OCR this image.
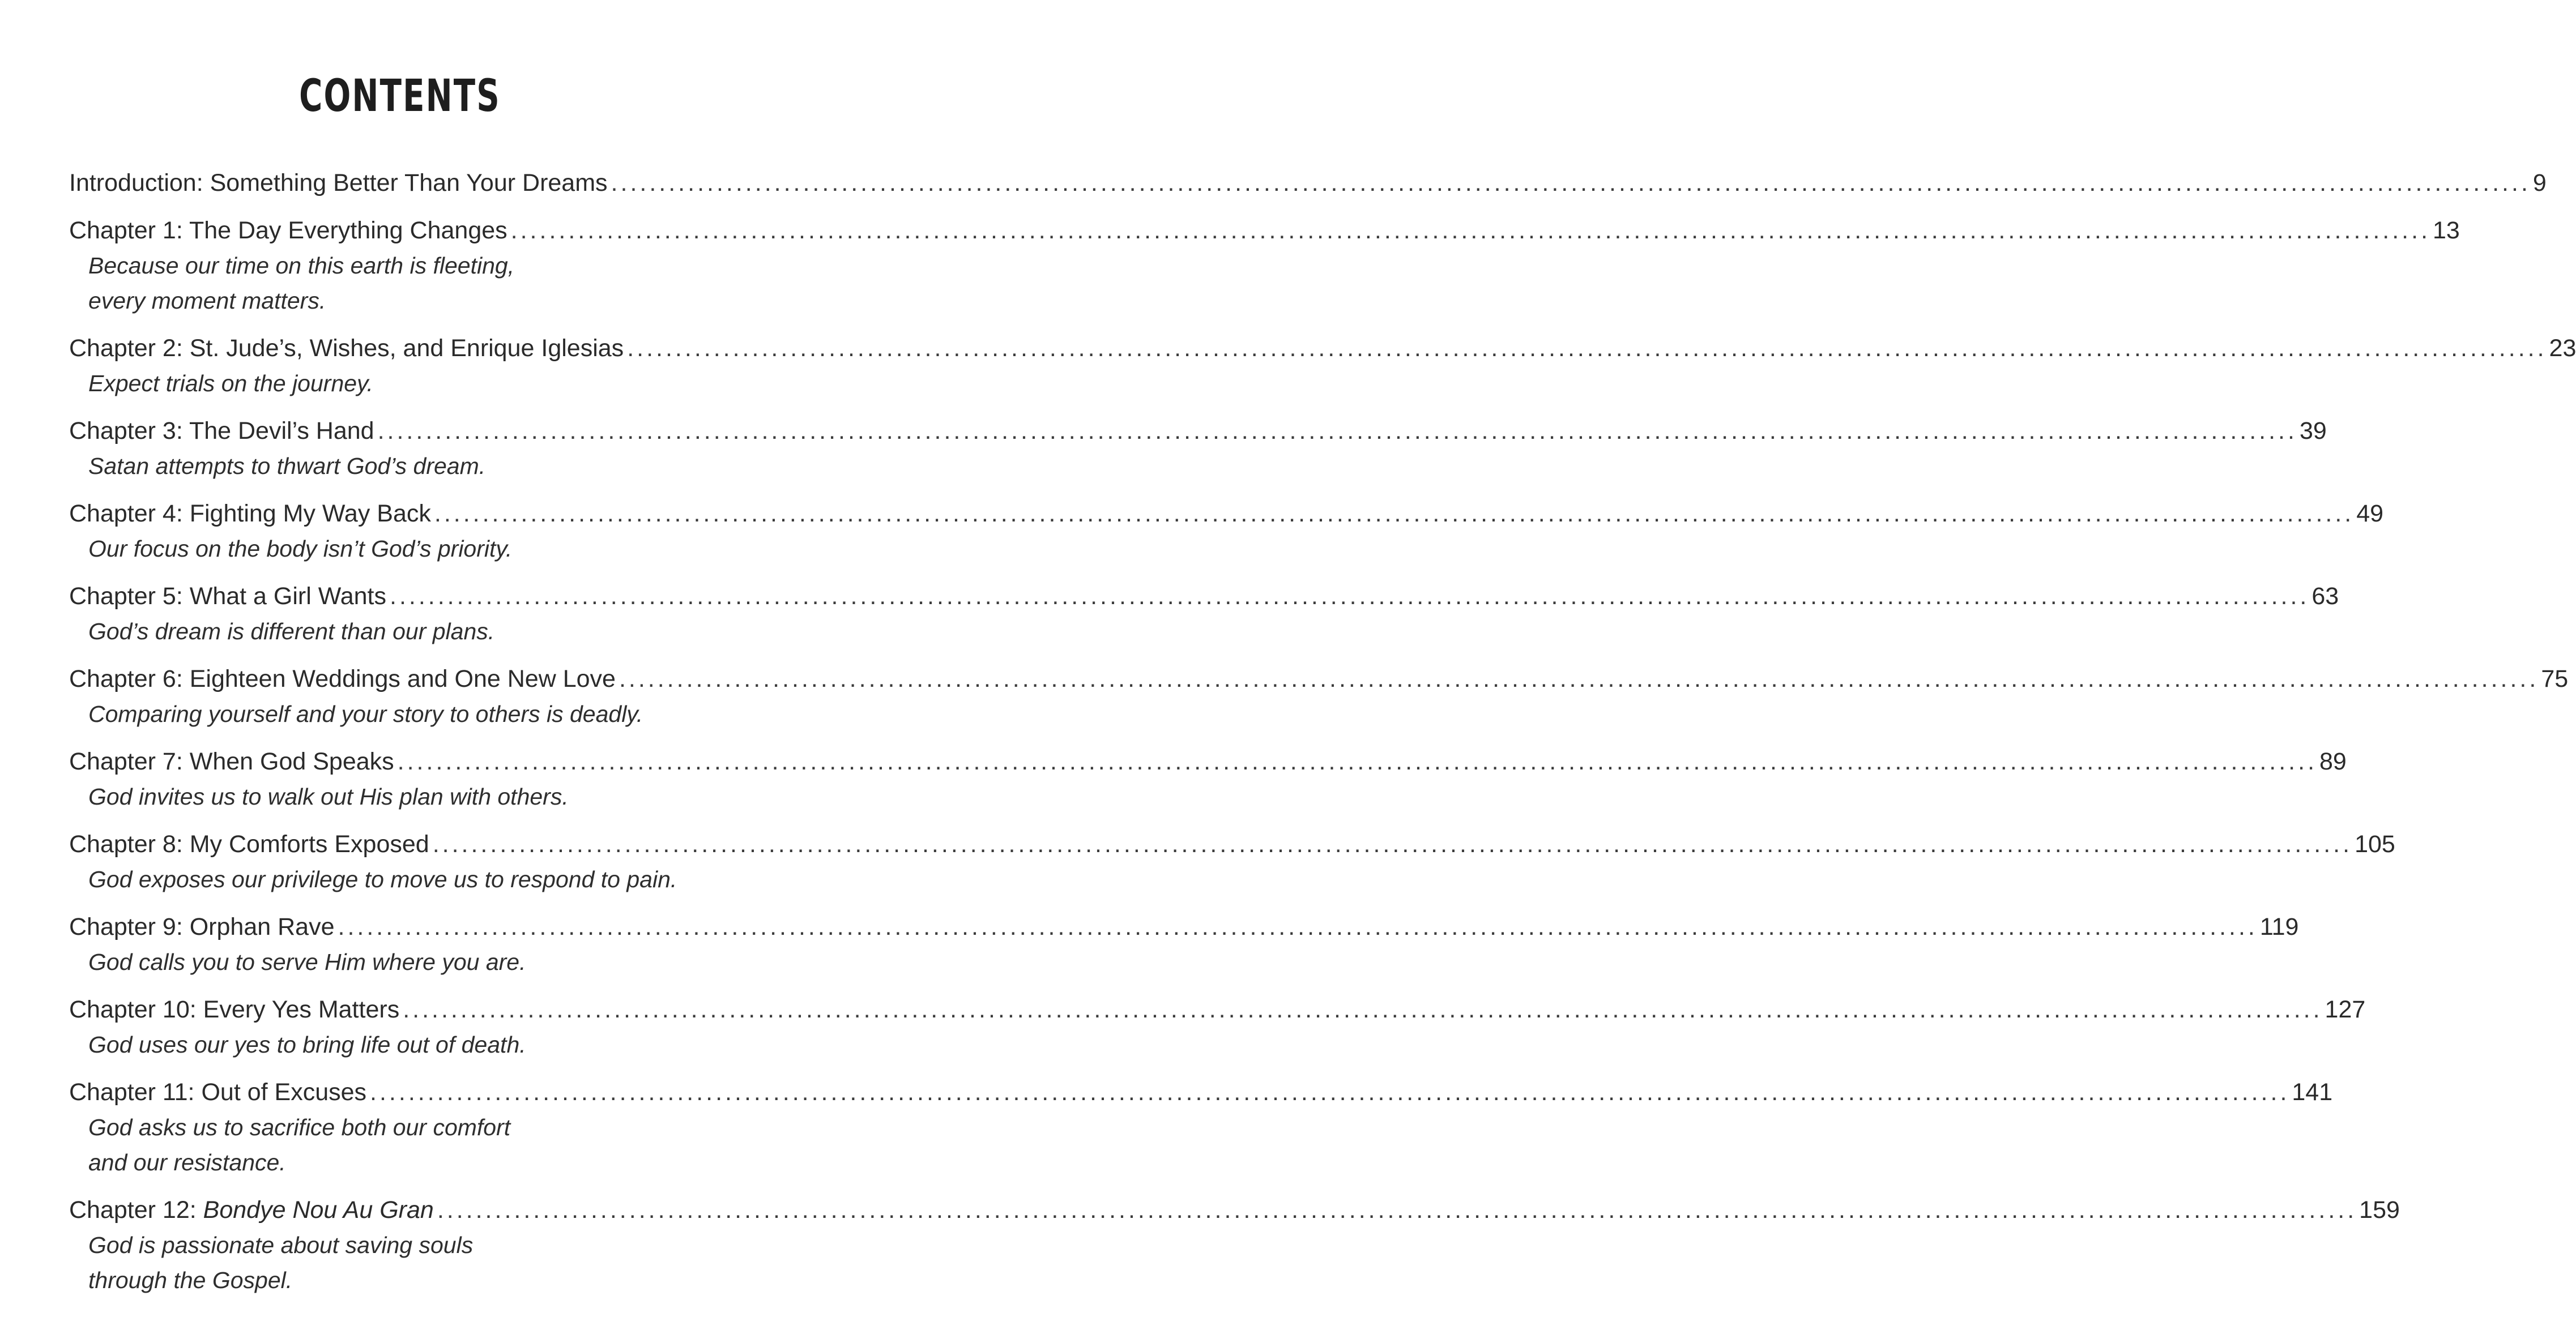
CONTENTS
Introduction: Something Better Than Your Dreams ........................................................................................................................................................................................................ 9
Chapter 1: The Day Everything Changes ........................................................................................................................................................................................................ 13
Because our time on this earth is fleeting,
every moment matters.
Chapter 2: St. Jude’s, Wishes, and Enrique Iglesias ........................................................................................................................................................................................................ 23
Expect trials on the journey.
Chapter 3: The Devil’s Hand ........................................................................................................................................................................................................ 39
Satan attempts to thwart God’s dream.
Chapter 4: Fighting My Way Back ........................................................................................................................................................................................................ 49
Our focus on the body isn’t God’s priority.
Chapter 5: What a Girl Wants ........................................................................................................................................................................................................ 63
God’s dream is different than our plans.
Chapter 6: Eighteen Weddings and One New Love ........................................................................................................................................................................................................ 75
Comparing yourself and your story to others is deadly.
Chapter 7: When God Speaks ........................................................................................................................................................................................................ 89
God invites us to walk out His plan with others.
Chapter 8: My Comforts Exposed ........................................................................................................................................................................................................ 105
God exposes our privilege to move us to respond to pain.
Chapter 9: Orphan Rave ........................................................................................................................................................................................................ 119
God calls you to serve Him where you are.
Chapter 10: Every Yes Matters ........................................................................................................................................................................................................ 127
God uses our yes to bring life out of death.
Chapter 11: Out of Excuses ........................................................................................................................................................................................................ 141
God asks us to sacrifice both our comfort
and our resistance.
Chapter 12: Bondye Nou Au Gran ........................................................................................................................................................................................................ 159
God is passionate about saving souls
through the Gospel.
